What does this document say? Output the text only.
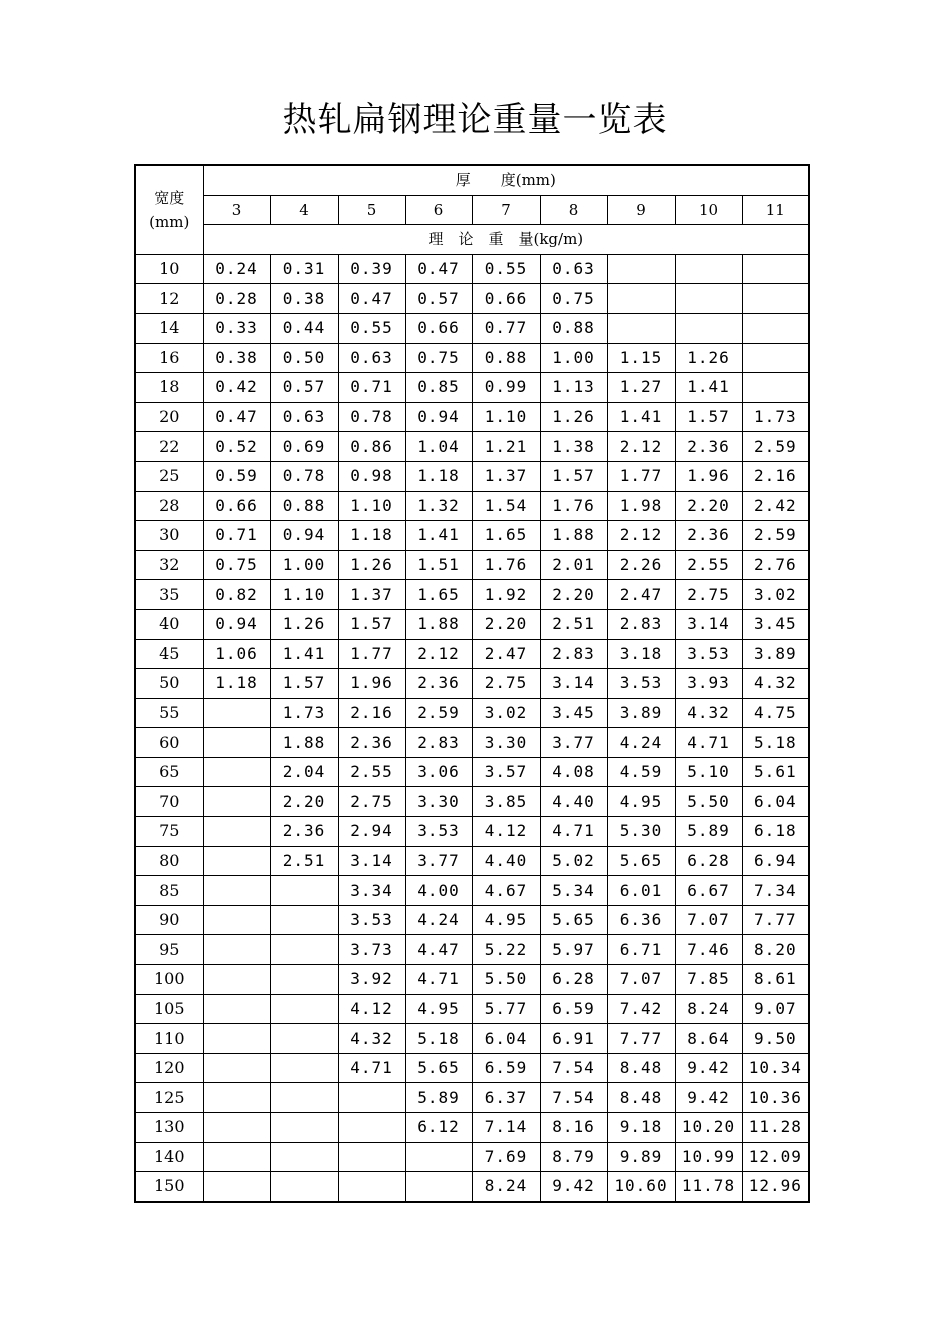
热轧扁钢理论重量一览表
宽度
(mm)	厚　　度(mm)								
	3	4	5	6	7	8	9	10	11
	理　论　重　量(kg/m)								
10	0.24	0.31	0.39	0.47	0.55	0.63			
12	0.28	0.38	0.47	0.57	0.66	0.75			
14	0.33	0.44	0.55	0.66	0.77	0.88			
16	0.38	0.50	0.63	0.75	0.88	1.00	1.15	1.26	
18	0.42	0.57	0.71	0.85	0.99	1.13	1.27	1.41	
20	0.47	0.63	0.78	0.94	1.10	1.26	1.41	1.57	1.73
22	0.52	0.69	0.86	1.04	1.21	1.38	2.12	2.36	2.59
25	0.59	0.78	0.98	1.18	1.37	1.57	1.77	1.96	2.16
28	0.66	0.88	1.10	1.32	1.54	1.76	1.98	2.20	2.42
30	0.71	0.94	1.18	1.41	1.65	1.88	2.12	2.36	2.59
32	0.75	1.00	1.26	1.51	1.76	2.01	2.26	2.55	2.76
35	0.82	1.10	1.37	1.65	1.92	2.20	2.47	2.75	3.02
40	0.94	1.26	1.57	1.88	2.20	2.51	2.83	3.14	3.45
45	1.06	1.41	1.77	2.12	2.47	2.83	3.18	3.53	3.89
50	1.18	1.57	1.96	2.36	2.75	3.14	3.53	3.93	4.32
55		1.73	2.16	2.59	3.02	3.45	3.89	4.32	4.75
60		1.88	2.36	2.83	3.30	3.77	4.24	4.71	5.18
65		2.04	2.55	3.06	3.57	4.08	4.59	5.10	5.61
70		2.20	2.75	3.30	3.85	4.40	4.95	5.50	6.04
75		2.36	2.94	3.53	4.12	4.71	5.30	5.89	6.18
80		2.51	3.14	3.77	4.40	5.02	5.65	6.28	6.94
85			3.34	4.00	4.67	5.34	6.01	6.67	7.34
90			3.53	4.24	4.95	5.65	6.36	7.07	7.77
95			3.73	4.47	5.22	5.97	6.71	7.46	8.20
100			3.92	4.71	5.50	6.28	7.07	7.85	8.61
105			4.12	4.95	5.77	6.59	7.42	8.24	9.07
110			4.32	5.18	6.04	6.91	7.77	8.64	9.50
120			4.71	5.65	6.59	7.54	8.48	9.42	10.34
125				5.89	6.37	7.54	8.48	9.42	10.36
130				6.12	7.14	8.16	9.18	10.20	11.28
140					7.69	8.79	9.89	10.99	12.09
150					8.24	9.42	10.60	11.78	12.96
